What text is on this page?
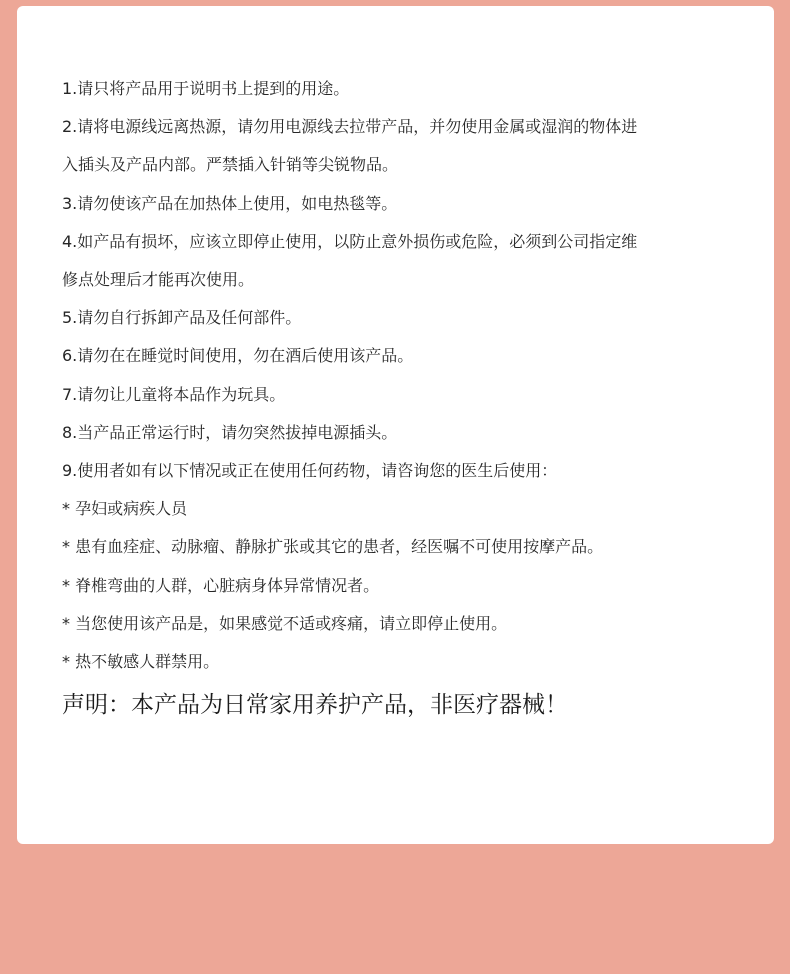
1.请只将产品用于说明书上提到的用途。
2.请将电源线远离热源，请勿用电源线去拉带产品，并勿使用金属或湿润的物体进
入插头及产品内部。严禁插入针销等尖锐物品。
3.请勿使该产品在加热体上使用，如电热毯等。
4.如产品有损坏，应该立即停止使用，以防止意外损伤或危险，必须到公司指定维
修点处理后才能再次使用。
5.请勿自行拆卸产品及任何部件。
6.请勿在在睡觉时间使用，勿在酒后使用该产品。
7.请勿让儿童将本品作为玩具。
8.当产品正常运行时，请勿突然拔掉电源插头。
9.使用者如有以下情况或正在使用任何药物，请咨询您的医生后使用：
* 孕妇或病疾人员
* 患有血痊症、动脉瘤、静脉扩张或其它的患者，经医嘱不可使用按摩产品。
* 脊椎弯曲的人群，心脏病身体异常情况者。
* 当您使用该产品是，如果感觉不适或疼痛，请立即停止使用。
* 热不敏感人群禁用。
声明：本产品为日常家用养护产品，非医疗器械！
